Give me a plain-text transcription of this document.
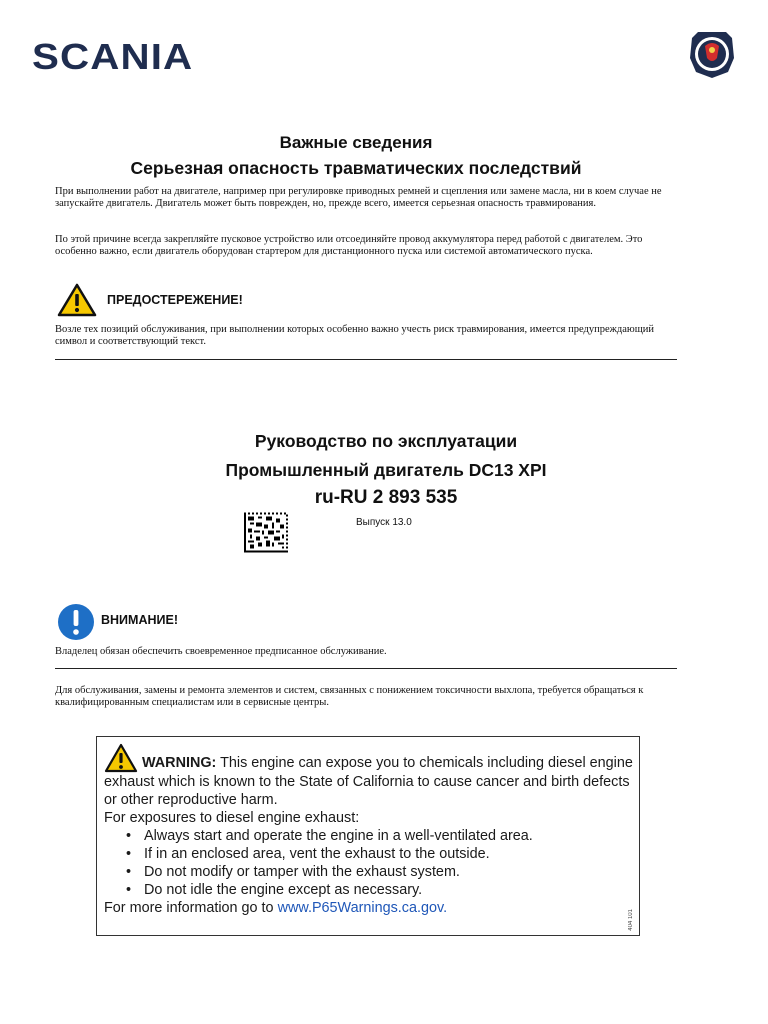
SCANIA
Важные сведения
Серьезная опасность травматических последствий
При выполнении работ на двигателе, например при регулировке приводных ремней и сцепления или замене масла, ни в коем случае не запускайте двигатель. Двигатель может быть поврежден, но, прежде всего, имеется серьезная опасность травмирования.
По этой причине всегда закрепляйте пусковое устройство или отсоединяйте провод аккумулятора перед работой с двигателем. Это особенно важно, если двигатель оборудован стартером для дистанционного пуска или системой автоматического пуска.
ПРЕДОСТЕРЕЖЕНИЕ!
Возле тех позиций обслуживания, при выполнении которых особенно важно учесть риск травмирования, имеется предупреждающий символ и соответствующий текст.
Руководство по эксплуатации
Промышленный двигатель DC13 XPI
ru-RU 2 893 535
Выпуск 13.0
ВНИМАНИЕ!
Владелец обязан обеспечить своевременное предписанное обслуживание.
Для обслуживания, замены и ремонта элементов и систем, связанных с понижением токсичности выхлопа, требуется обращаться к квалифицированным специалистам или в сервисные центры.
WARNING: This engine can expose you to chemicals including diesel engine exhaust which is known to the State of California to cause cancer and birth defects or other reproductive harm.
For exposures to diesel engine exhaust:
• Always start and operate the engine in a well-ventilated area.
• If in an enclosed area, vent the exhaust to the outside.
• Do not modify or tamper with the exhaust system.
• Do not idle the engine except as necessary.
For more information go to www.P65Warnings.ca.gov.
404 101
